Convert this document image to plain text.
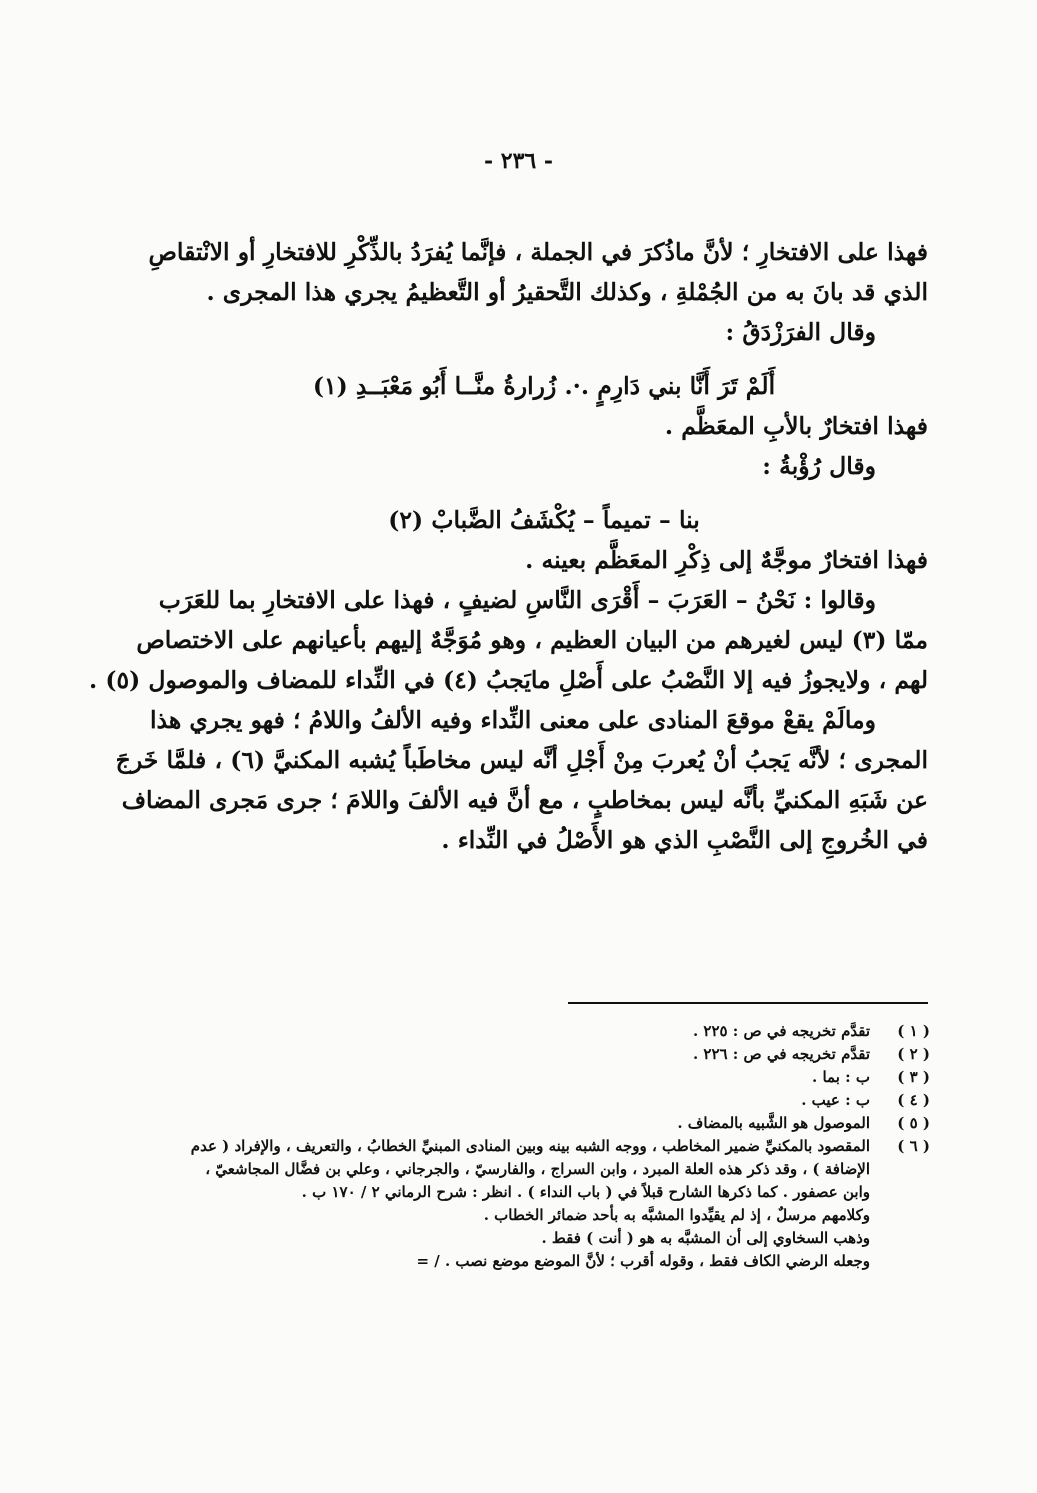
- ٢٣٦ -
فهذا على الافتخارِ ؛ لأنَّ ماذُكرَ في الجملة ، فإنَّما يُفرَدُ بالذِّكْرِ للافتخارِ أو الانْتقاصِ
الذي قد بانَ به من الجُمْلةِ ، وكذلك التَّحقيرُ أو التَّعظيمُ يجري هذا المجرى .
وقال الفرَزْدَقُ :
أَلَمْ تَرَ أَنَّا بني دَارِمٍ .·. زُرارةُ منَّــا أَبُو مَعْبَــدِ (١)
فهذا افتخارٌ بالأبِ المعَظَّم .
وقال رُؤْبةُ :
بنا – تميماً – يُكْشَفُ الضَّبابْ (٢)
فهذا افتخارٌ موجَّهٌ إلى ذِكْرِ المعَظَّم بعينه .
وقالوا : نَحْنُ – العَرَبَ – أَقْرَى النَّاسِ لضيفٍ ، فهذا على الافتخارِ بما للعَرَب
ممّا (٣) ليس لغيرهم من البيان العظيم ، وهو مُوَجَّهٌ إليهم بأعيانهم على الاختصاص
لهم ، ولايجوزُ فيه إلا النَّصْبُ على أَصْلِ مايَجبُ (٤) في النِّداء للمضاف والموصول (٥) .
ومالَمْ يقعْ موقعَ المنادى على معنى النِّداء وفيه الألفُ واللامُ ؛ فهو يجري هذا
المجرى ؛ لأنَّه يَجبُ أنْ يُعربَ مِنْ أَجْلِ أنَّه ليس مخاطَباً يُشبه المكنيَّ (٦) ، فلمَّا خَرجَ
عن شَبَهِ المكنيِّ بأنَّه ليس بمخاطبٍ ، مع أنَّ فيه الألفَ واللامَ ؛ جرى مَجرى المضاف
في الخُروجِ إلى النَّصْبِ الذي هو الأَصْلُ في النِّداء .
( ١ )
تقدَّم تخريجه في ص : ٢٢٥ .
( ٢ )
تقدَّم تخريجه في ص : ٢٢٦ .
( ٣ )
ب : بما .
( ٤ )
ب : عيب .
( ٥ )
الموصول هو الشَّبيه بالمضاف .
( ٦ )
المقصود بالمكنيِّ ضمير المخاطب ، ووجه الشبه بينه وبين المنادى المبنيِّ الخطابُ ، والتعريف ، والإفراد ( عدم
الإضافة ) ، وقد ذكر هذه العلة المبرد ، وابن السراج ، والفارسيّ ، والجرجاني ، وعلي بن فضَّال المجاشعيّ ،
وابن عصفور . كما ذكرها الشارح قبلاً في ( باب النداء ) . انظر : شرح الرماني ٢ / ١٧٠ ب .
وكلامهم مرسلٌ ، إذ لم يقيِّدوا المشبَّه به بأحد ضمائر الخطاب .
وذهب السخاوي إلى أن المشبَّه به هو ( أنت ) فقط .
وجعله الرضي الكاف فقط ، وقوله أقرب ؛ لأنَّ الموضع موضع نصب . / =
